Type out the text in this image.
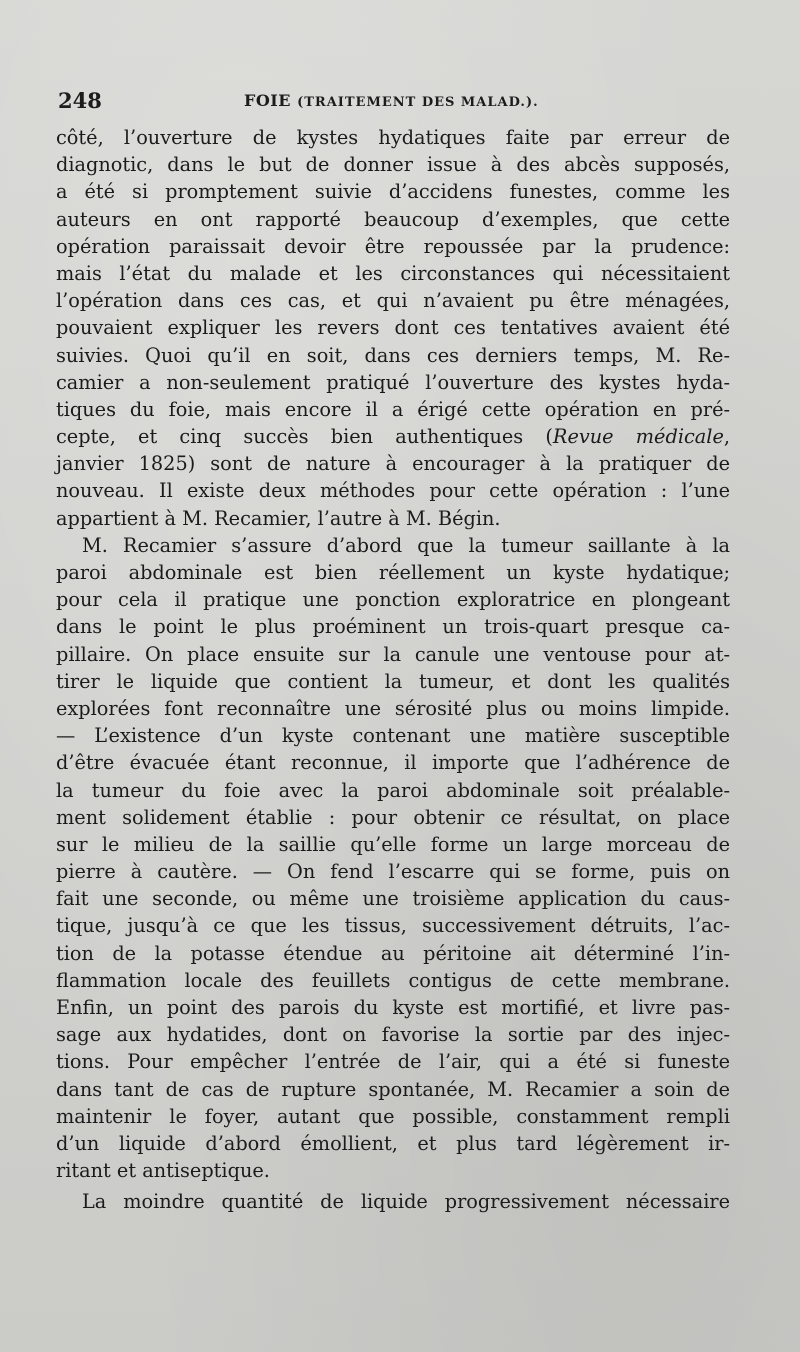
248	FOIE (TRAITEMENT DES MALAD.).
côté, l’ouverture de kystes hydatiques faite par erreur de
diagnotic, dans le but de donner issue à des abcès supposés,
a été si promptement suivie d’accidens funestes, comme les
auteurs en ont rapporté beaucoup d’exemples, que cette
opération paraissait devoir être repoussée par la prudence:
mais l’état du malade et les circonstances qui nécessitaient
l’opération dans ces cas, et qui n’avaient pu être ménagées,
pouvaient expliquer les revers dont ces tentatives avaient été
suivies. Quoi qu’il en soit, dans ces derniers temps, M. Re-
camier a non-seulement pratiqué l’ouverture des kystes hyda-
tiques du foie, mais encore il a érigé cette opération en pré-
cepte, et cinq succès bien authentiques (Revue médicale,
janvier 1825) sont de nature à encourager à la pratiquer de
nouveau. Il existe deux méthodes pour cette opération : l’une
appartient à M. Recamier, l’autre à M. Bégin.
M. Recamier s’assure d’abord que la tumeur saillante à la
paroi abdominale est bien réellement un kyste hydatique;
pour cela il pratique une ponction exploratrice en plongeant
dans le point le plus proéminent un trois-quart presque ca-
pillaire. On place ensuite sur la canule une ventouse pour at-
tirer le liquide que contient la tumeur, et dont les qualités
explorées font reconnaître une sérosité plus ou moins limpide.
— L’existence d’un kyste contenant une matière susceptible
d’être évacuée étant reconnue, il importe que l’adhérence de
la tumeur du foie avec la paroi abdominale soit préalable-
ment solidement établie : pour obtenir ce résultat, on place
sur le milieu de la saillie qu’elle forme un large morceau de
pierre à cautère. — On fend l’escarre qui se forme, puis on
fait une seconde, ou même une troisième application du caus-
tique, jusqu’à ce que les tissus, successivement détruits, l’ac-
tion de la potasse étendue au péritoine ait déterminé l’in-
flammation locale des feuillets contigus de cette membrane.
Enfin, un point des parois du kyste est mortifié, et livre pas-
sage aux hydatides, dont on favorise la sortie par des injec-
tions. Pour empêcher l’entrée de l’air, qui a été si funeste
dans tant de cas de rupture spontanée, M. Recamier a soin de
maintenir le foyer, autant que possible, constamment rempli
d’un liquide d’abord émollient, et plus tard légèrement ir-
ritant et antiseptique.
La moindre quantité de liquide progressivement nécessaire
